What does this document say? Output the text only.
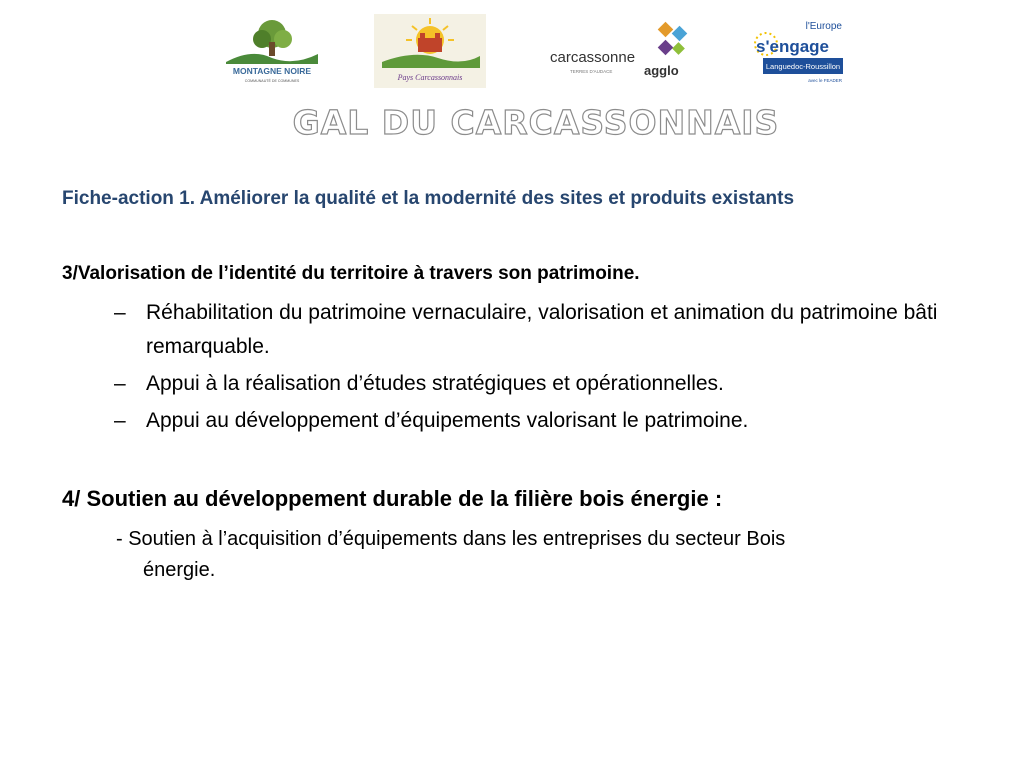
MONTAGNE NOIRE
COMMUNAUTÉ DE COMMUNES	Pays Carcassonnais
carcassonne
agglo
TERRES D'AUDACE
l'Europe
s'engage
Languedoc-Roussillon
avec le FEADER
GAL DU CARCASSONNAIS
Fiche-action 1. Améliorer la qualité et la modernité des sites et produits existants
3/Valorisation de l’identité du territoire à travers son patrimoine.
– Réhabilitation du patrimoine vernaculaire, valorisation et animation du patrimoine bâti remarquable.
– Appui à la réalisation d’études stratégiques et opérationnelles.
– Appui au développement d’équipements valorisant le patrimoine.
4/ Soutien au développement durable de la filière bois énergie :
- Soutien à l’acquisition d’équipements dans les entreprises du secteur Bois
énergie.
